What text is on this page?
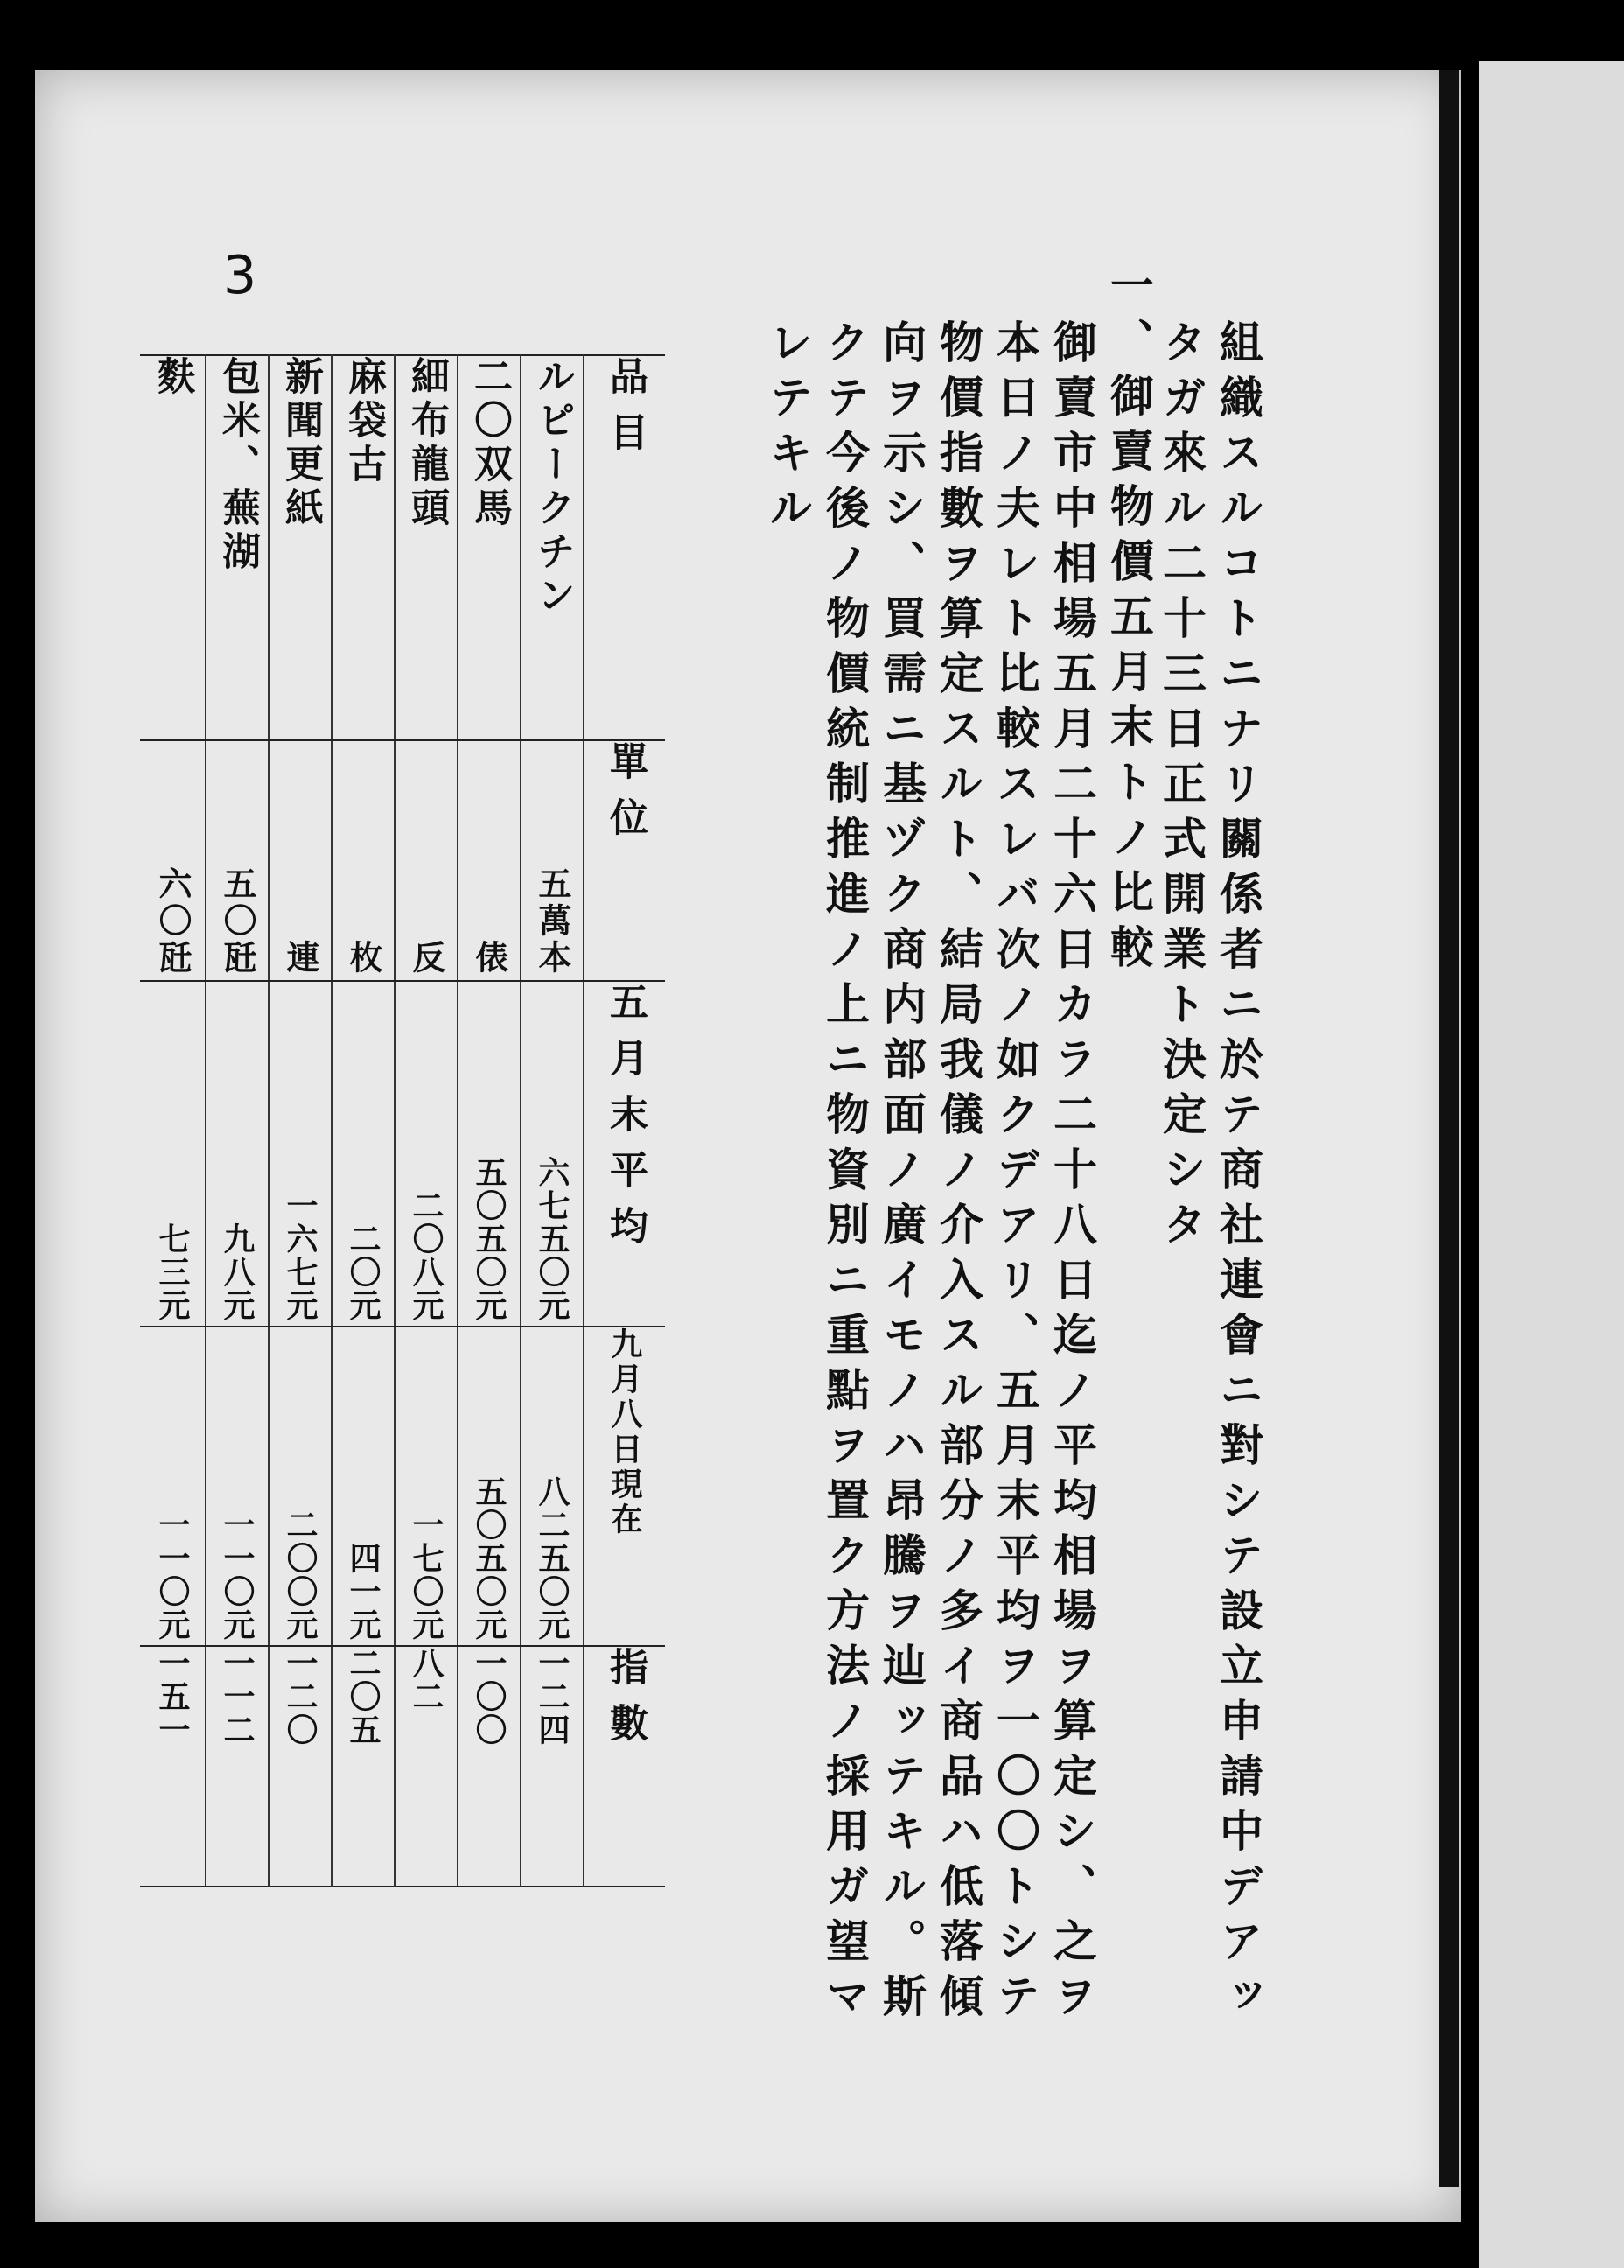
3
組織スルコトニナリ關係者ニ於テ商社連會ニ對シテ設立申請中デアッ
タガ來ル二十三日正式開業ト決定シタ
一、御賣物價五月末トノ比較
御賣市中相場五月二十六日カラ二十八日迄ノ平均相場ヲ算定シ、之ヲ
本日ノ夫レト比較スレバ次ノ如クデアリ、五月末平均ヲ一〇〇トシテ
物價指數ヲ算定スルト、結局我儀ノ介入スル部分ノ多イ商品ハ低落傾
向ヲ示シ、買需ニ基ヅク商内部面ノ廣イモノハ昂騰ヲ辿ッテキル。斯
クテ今後ノ物價統制推進ノ上ニ物資別ニ重點ヲ置ク方法ノ採用ガ望マ
レテキル
麩	包米、蕪湖	新聞更紙	麻袋古	細布龍頭	二〇双馬	ルピークチン	品目
六〇瓩	五〇瓩	連	枚	反	俵	五萬本	單位
七三元	九八元	一六七元	二〇元	二〇八元	五〇五〇元	六七五〇元	五月末平均
一一〇元	一一〇元	二〇〇元	四一元	一七〇元	五〇五〇元	八二五〇元	九月八日現在
一五一	一一二	一二〇	二〇五	八二	一〇〇	一二四	指數
